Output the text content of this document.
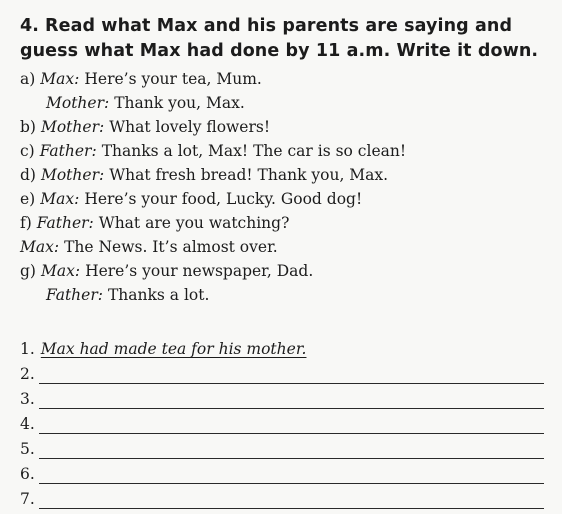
4. Read what Max and his parents are saying and guess what Max had done by 11 a.m. Write it down.
a) Max: Here’s your tea, Mum.
Mother: Thank you, Max.
b) Mother: What lovely flowers!
c) Father: Thanks a lot, Max! The car is so clean!
d) Mother: What fresh bread! Thank you, Max.
e) Max: Here’s your food, Lucky. Good dog!
f) Father: What are you watching?
Max: The News. It’s almost over.
g) Max: Here’s your newspaper, Dad.
Father: Thanks a lot.
1. Max had made tea for his mother.
2.
3.
4.
5.
6.
7.
